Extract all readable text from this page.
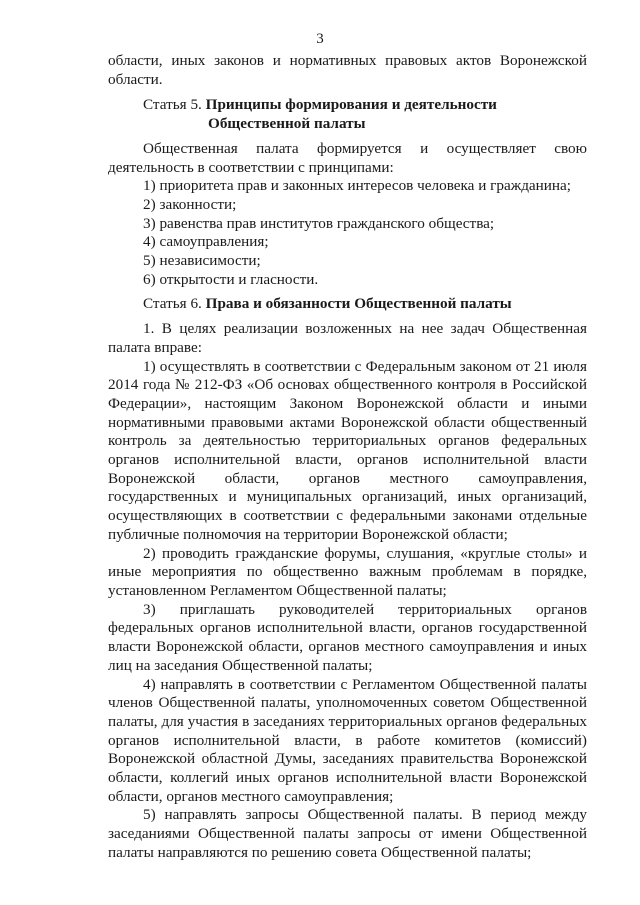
3

области, иных законов и нормативных правовых актов Воронежской области.

Статья 5. Принципы формирования и деятельности
Общественной палаты

Общественная палата формируется и осуществляет свою деятельность в соответствии с принципами:

1) приоритета прав и законных интересов человека и гражданина;

2) законности;

3) равенства прав институтов гражданского общества;

4) самоуправления;

5) независимости;

6) открытости и гласности.

Статья 6. Права и обязанности Общественной палаты

1. В целях реализации возложенных на нее задач Общественная палата вправе:

1) осуществлять в соответствии с Федеральным законом от 21 июля 2014 года № 212-ФЗ «Об основах общественного контроля в Российской Федерации», настоящим Законом Воронежской области и иными нормативными правовыми актами Воронежской области общественный контроль за деятельностью территориальных органов федеральных органов исполнительной власти, органов исполнительной власти Воронежской области, органов местного самоуправления, государственных и муниципальных организаций, иных организаций, осуществляющих в соответствии с федеральными законами отдельные публичные полномочия на территории Воронежской области;

2) проводить гражданские форумы, слушания, «круглые столы» и иные мероприятия по общественно важным проблемам в порядке, установленном Регламентом Общественной палаты;

3) приглашать руководителей территориальных органов федеральных органов исполнительной власти, органов государственной власти Воронежской области, органов местного самоуправления и иных лиц на заседания Общественной палаты;

4) направлять в соответствии с Регламентом Общественной палаты членов Общественной палаты, уполномоченных советом Общественной палаты, для участия в заседаниях территориальных органов федеральных органов исполнительной власти, в работе комитетов (комиссий) Воронежской областной Думы, заседаниях правительства Воронежской области, коллегий иных органов исполнительной власти Воронежской области, органов местного самоуправления;

5) направлять запросы Общественной палаты. В период между заседаниями Общественной палаты запросы от имени Общественной палаты направляются по решению совета Общественной палаты;
